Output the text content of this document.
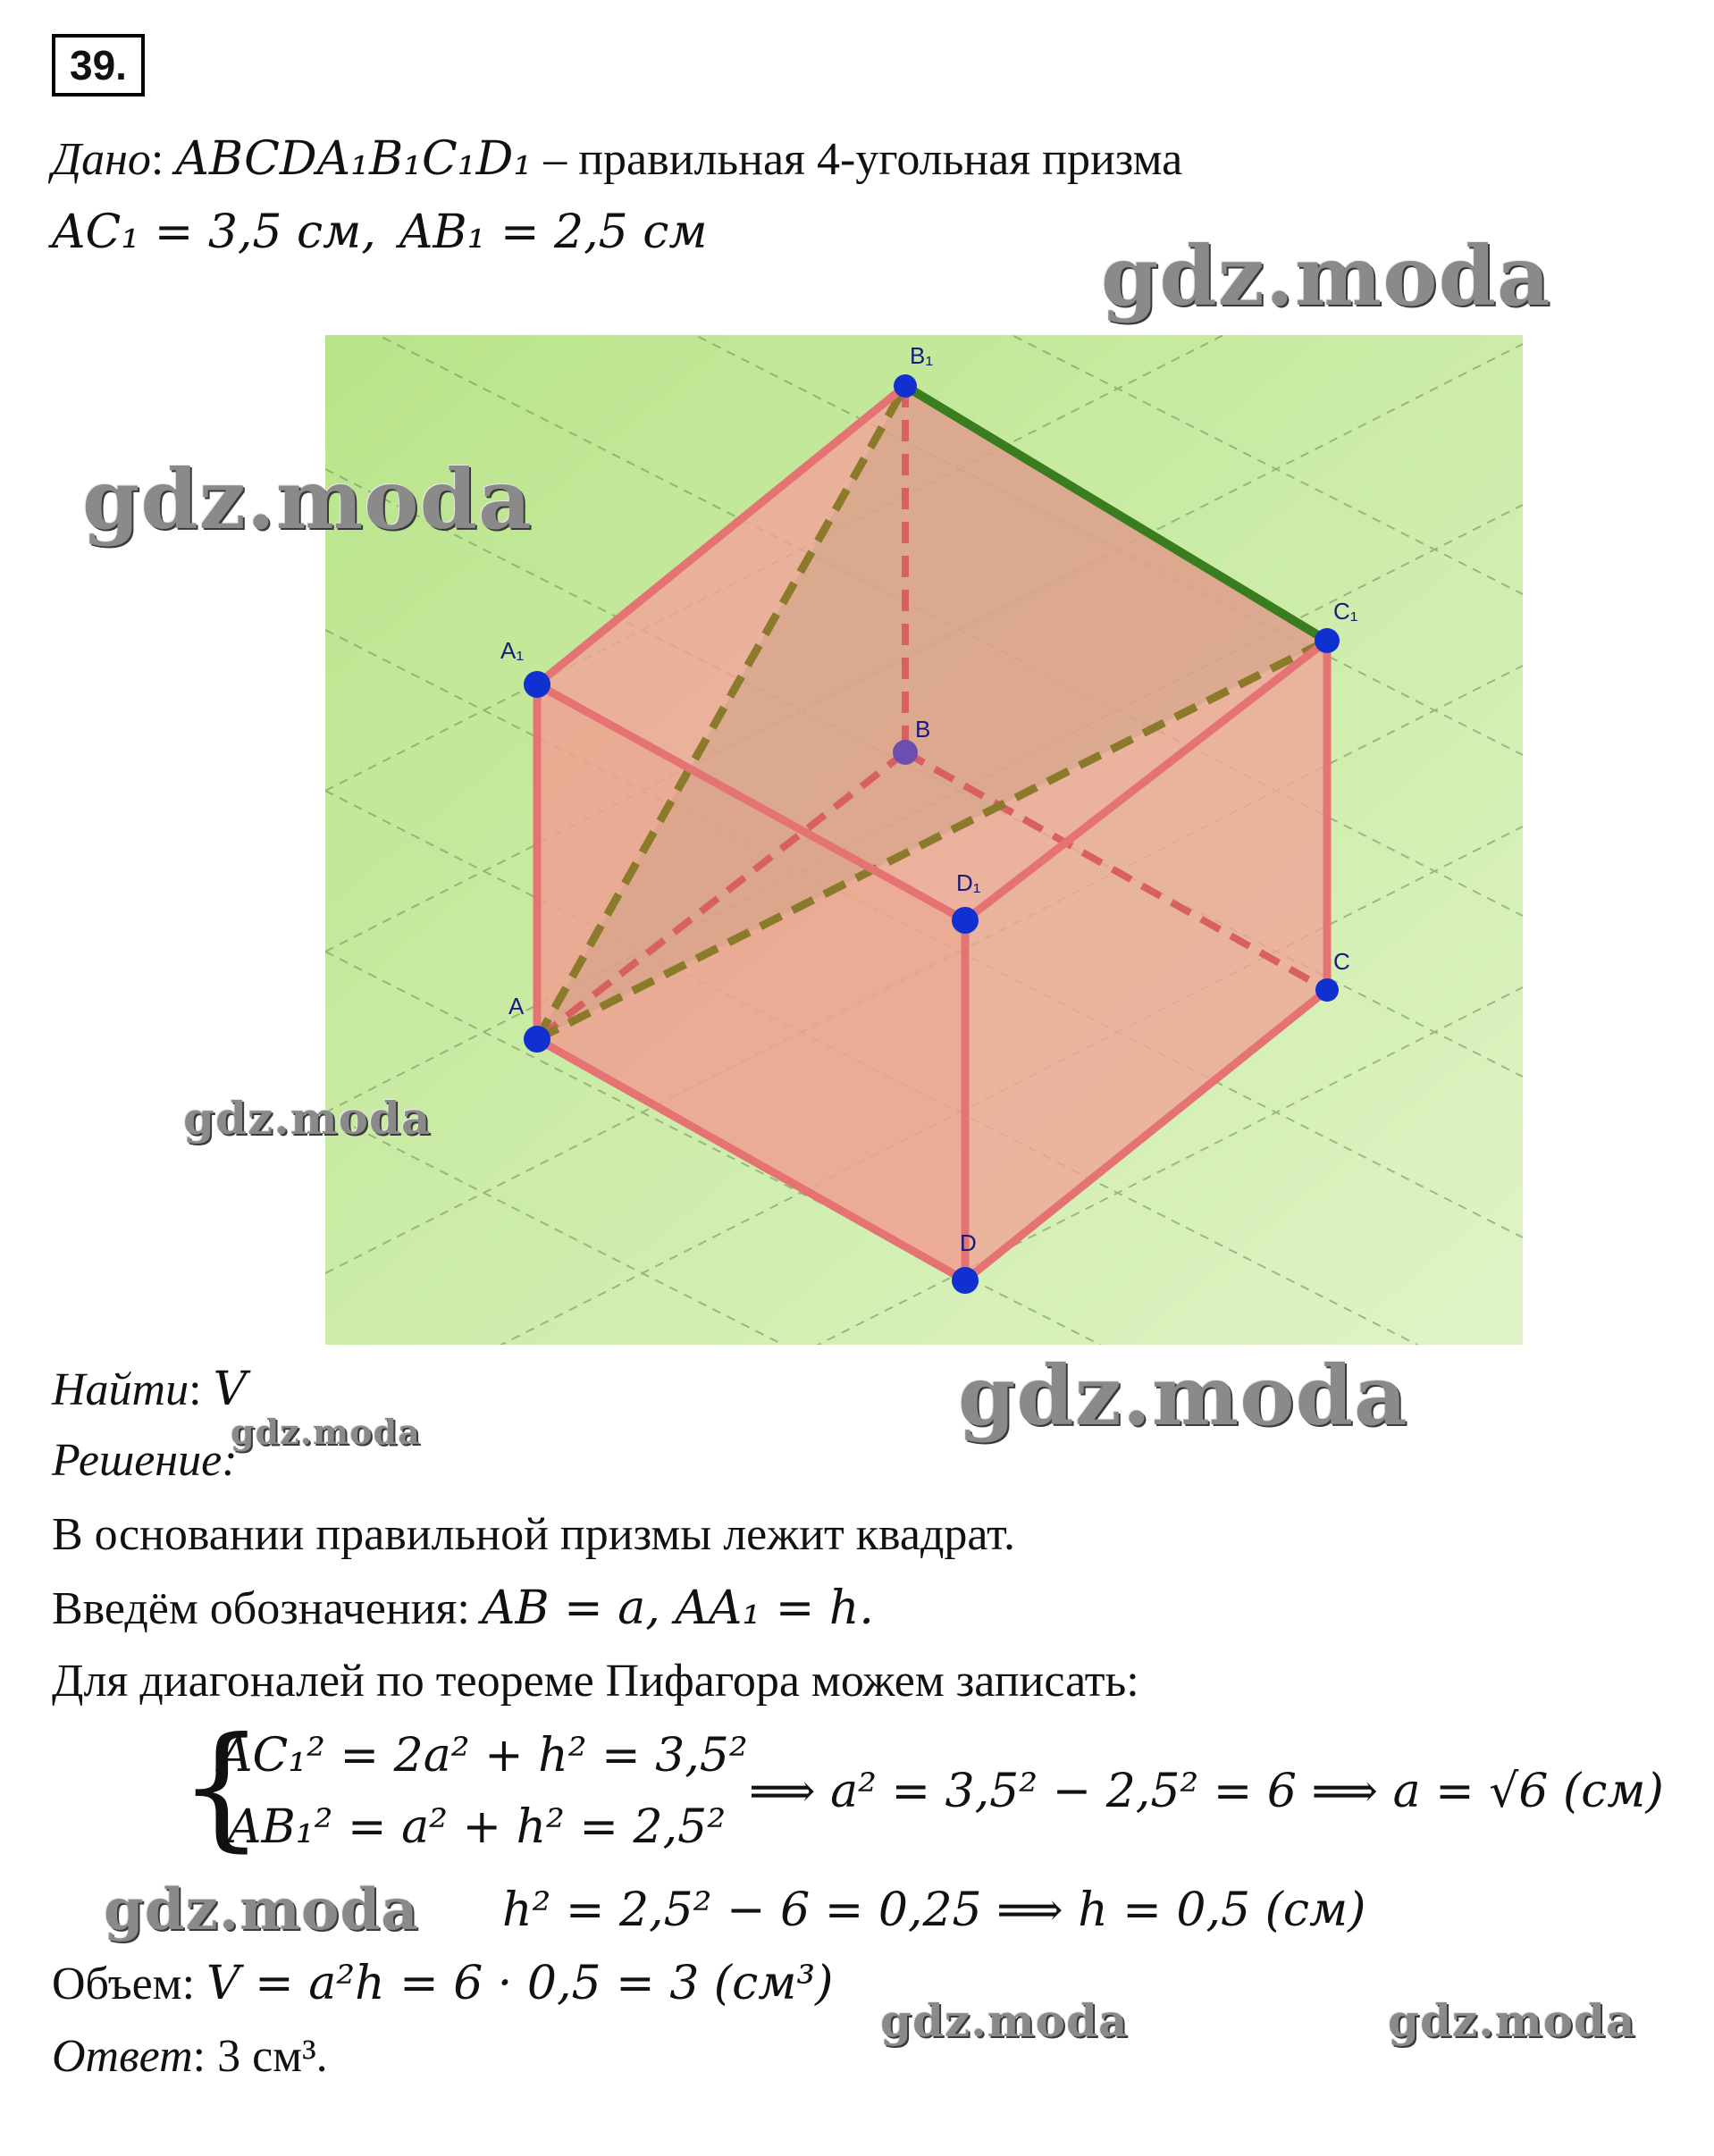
39.
Дано: ABCDA₁B₁C₁D₁ – правильная 4-угольная призма
AC₁ = 3,5 см, AB₁ = 2,5 см
B₁
A₁
C₁
D₁
B
A
C
D
gdz.moda
gdz.moda
gdz.moda
gdz.moda
gdz.moda
gdz.moda
gdz.moda	gdz.moda
Найти: V
Решение:
В основании правильной призмы лежит квадрат.
Введём обозначения: AB = a, AA₁ = h.
Для диагоналей по теореме Пифагора можем записать:
{
AC₁² = 2a² + h² = 3,5²
AB₁² = a² + h² = 2,5²
⟹ a² = 3,5² − 2,5² = 6 ⟹ a = √6 (см)
h² = 2,5² − 6 = 0,25 ⟹ h = 0,5 (см)
Объем: V = a²h = 6 · 0,5 = 3 (см³)
Ответ: 3 см³.
